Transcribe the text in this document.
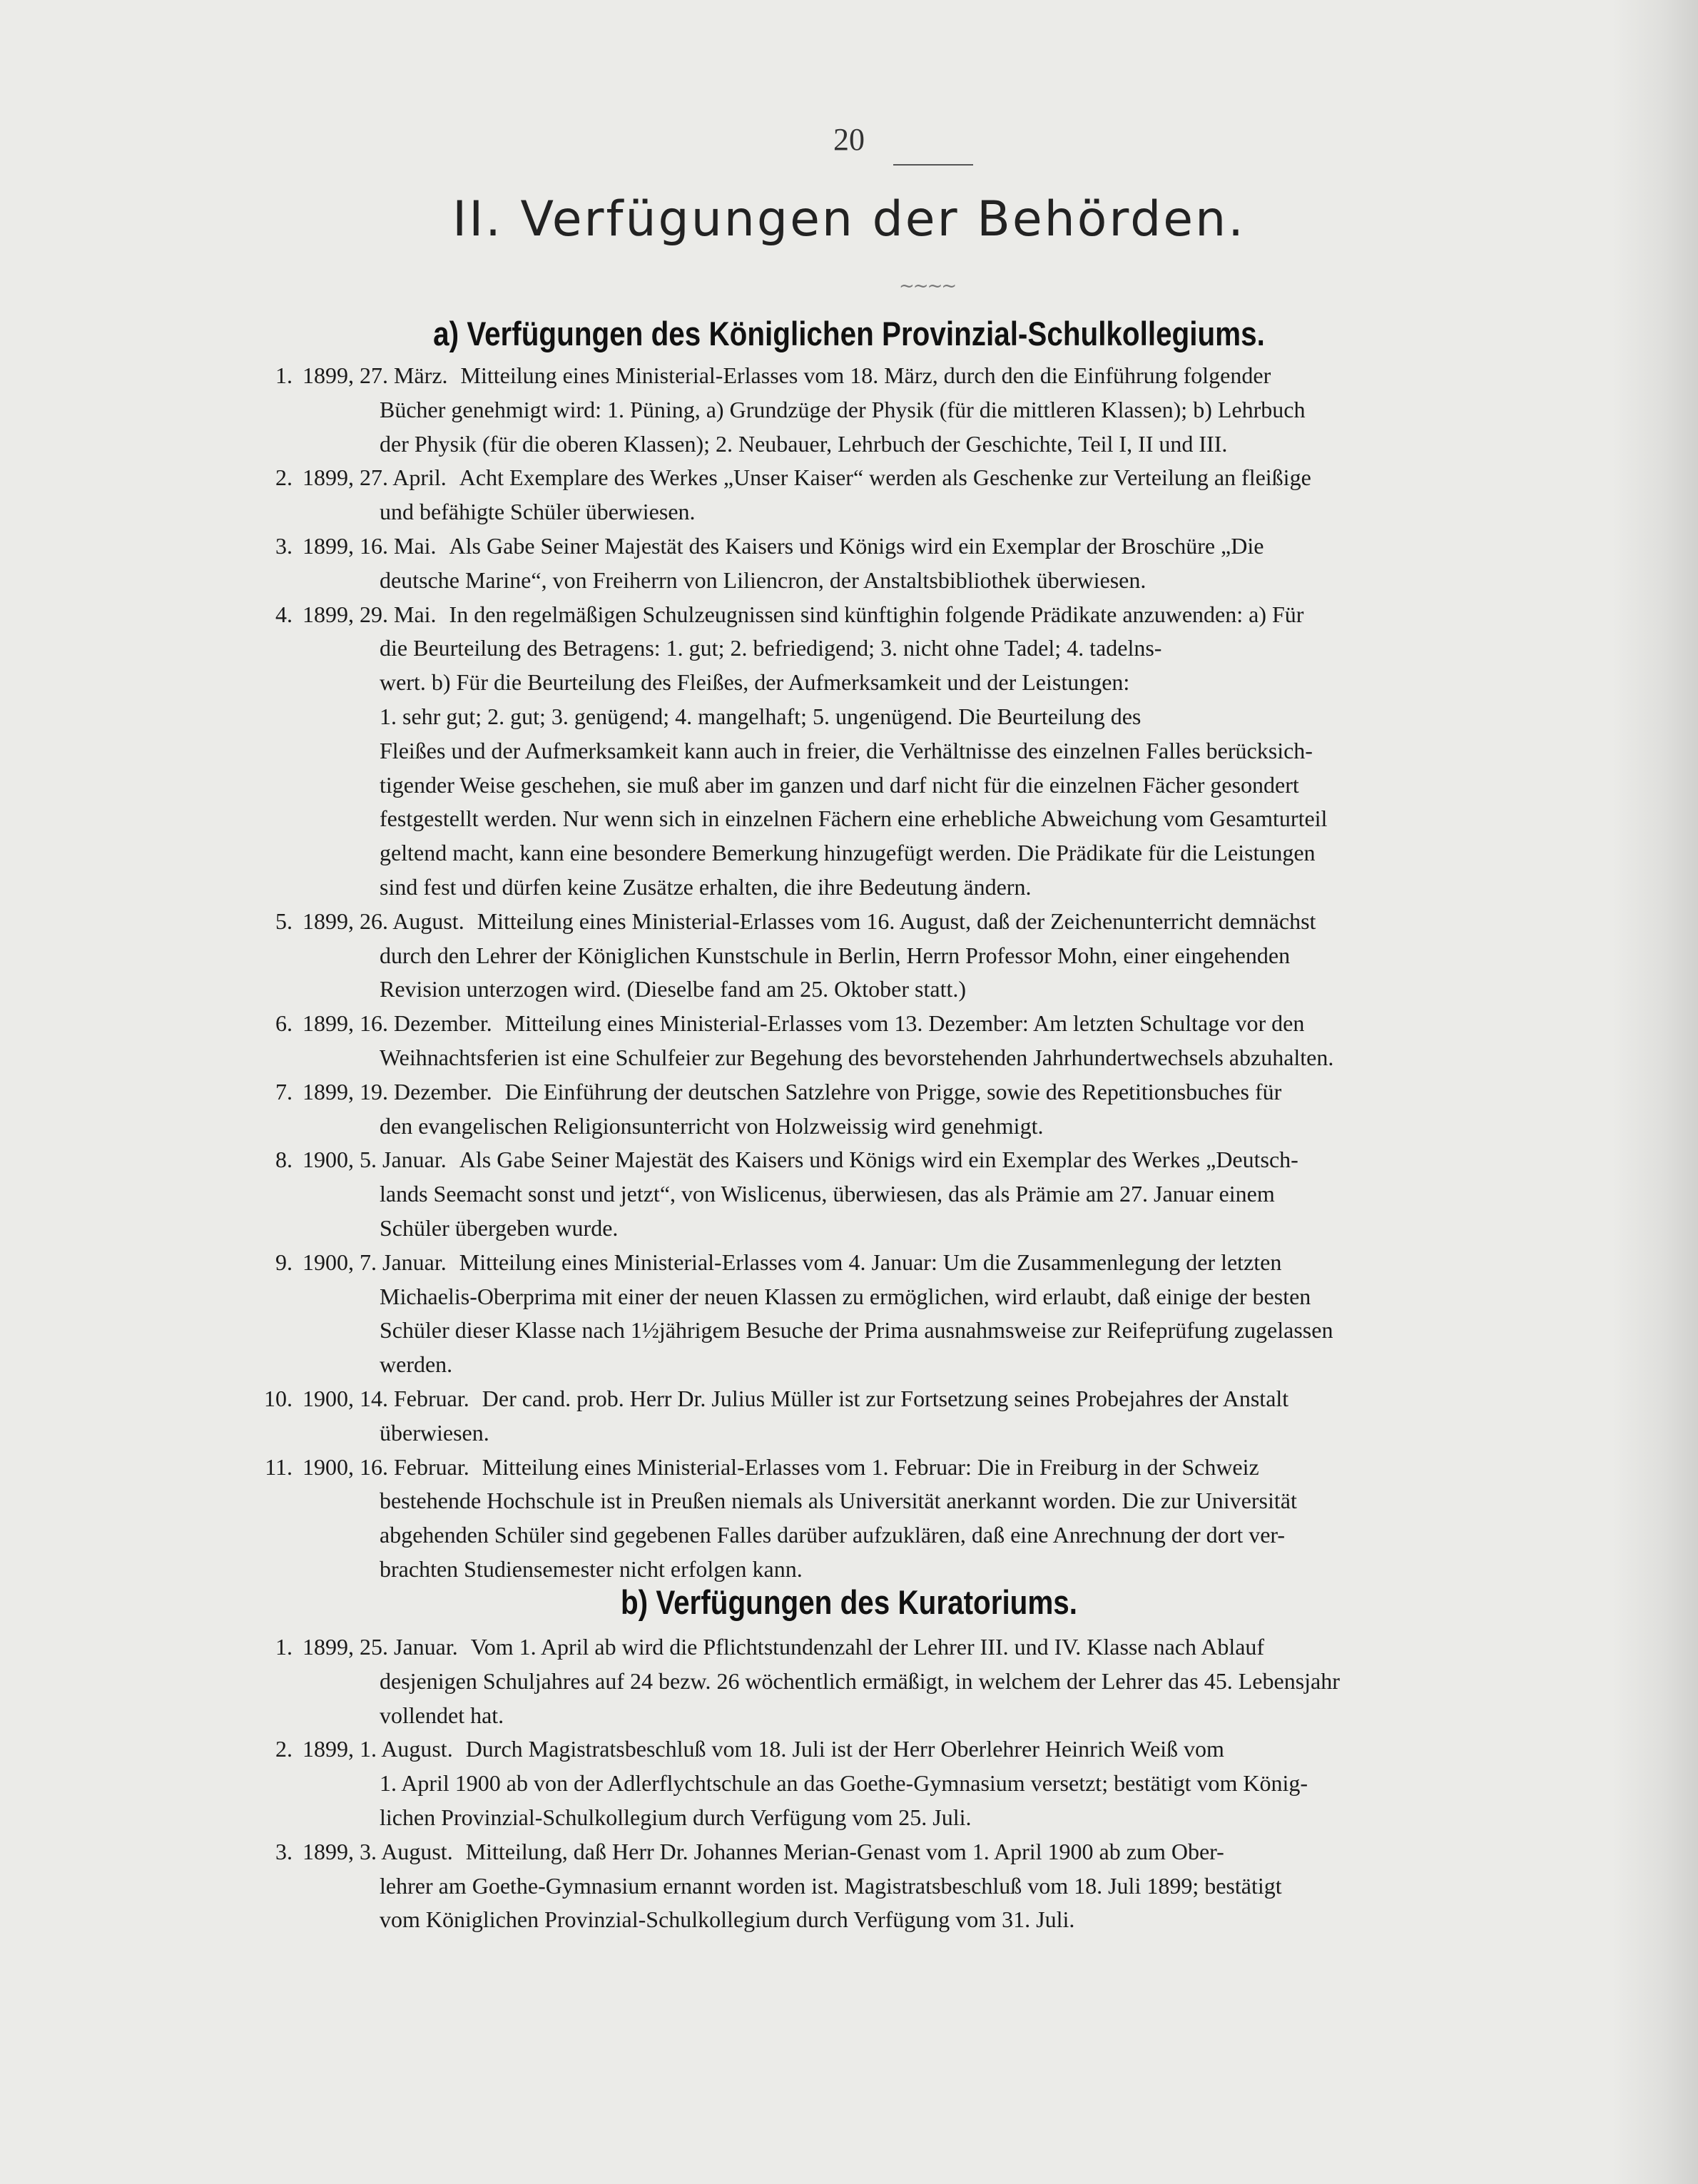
20
II. Verfügungen der Behörden.
~~~~
a) Verfügungen des Königlichen Provinzial-Schulkollegiums.
1. 1899, 27. März. Mitteilung eines Ministerial-Erlasses vom 18. März, durch den die Einführung folgender
Bücher genehmigt wird: 1. Püning, a) Grundzüge der Physik (für die mittleren Klassen); b) Lehrbuch
der Physik (für die oberen Klassen); 2. Neubauer, Lehrbuch der Geschichte, Teil I, II und III.
2. 1899, 27. April. Acht Exemplare des Werkes „Unser Kaiser“ werden als Geschenke zur Verteilung an fleißige
und befähigte Schüler überwiesen.
3. 1899, 16. Mai. Als Gabe Seiner Majestät des Kaisers und Königs wird ein Exemplar der Broschüre „Die
deutsche Marine“, von Freiherrn von Liliencron, der Anstaltsbibliothek überwiesen.
4. 1899, 29. Mai. In den regelmäßigen Schulzeugnissen sind künftighin folgende Prädikate anzuwenden: a) Für
die Beurteilung des Betragens: 1. gut; 2. befriedigend; 3. nicht ohne Tadel; 4. tadelns-
wert. b) Für die Beurteilung des Fleißes, der Aufmerksamkeit und der Leistungen:
1. sehr gut; 2. gut; 3. genügend; 4. mangelhaft; 5. ungenügend. Die Beurteilung des
Fleißes und der Aufmerksamkeit kann auch in freier, die Verhältnisse des einzelnen Falles berücksich-
tigender Weise geschehen, sie muß aber im ganzen und darf nicht für die einzelnen Fächer gesondert
festgestellt werden. Nur wenn sich in einzelnen Fächern eine erhebliche Abweichung vom Gesamturteil
geltend macht, kann eine besondere Bemerkung hinzugefügt werden. Die Prädikate für die Leistungen
sind fest und dürfen keine Zusätze erhalten, die ihre Bedeutung ändern.
5. 1899, 26. August. Mitteilung eines Ministerial-Erlasses vom 16. August, daß der Zeichenunterricht demnächst
durch den Lehrer der Königlichen Kunstschule in Berlin, Herrn Professor Mohn, einer eingehenden
Revision unterzogen wird. (Dieselbe fand am 25. Oktober statt.)
6. 1899, 16. Dezember. Mitteilung eines Ministerial-Erlasses vom 13. Dezember: Am letzten Schultage vor den
Weihnachtsferien ist eine Schulfeier zur Begehung des bevorstehenden Jahrhundertwechsels abzuhalten.
7. 1899, 19. Dezember. Die Einführung der deutschen Satzlehre von Prigge, sowie des Repetitionsbuches für
den evangelischen Religionsunterricht von Holzweissig wird genehmigt.
8. 1900, 5. Januar. Als Gabe Seiner Majestät des Kaisers und Königs wird ein Exemplar des Werkes „Deutsch-
lands Seemacht sonst und jetzt“, von Wislicenus, überwiesen, das als Prämie am 27. Januar einem
Schüler übergeben wurde.
9. 1900, 7. Januar. Mitteilung eines Ministerial-Erlasses vom 4. Januar: Um die Zusammenlegung der letzten
Michaelis-Oberprima mit einer der neuen Klassen zu ermöglichen, wird erlaubt, daß einige der besten
Schüler dieser Klasse nach 1½jährigem Besuche der Prima ausnahmsweise zur Reifeprüfung zugelassen
werden.
10. 1900, 14. Februar. Der cand. prob. Herr Dr. Julius Müller ist zur Fortsetzung seines Probejahres der Anstalt
überwiesen.
11. 1900, 16. Februar. Mitteilung eines Ministerial-Erlasses vom 1. Februar: Die in Freiburg in der Schweiz
bestehende Hochschule ist in Preußen niemals als Universität anerkannt worden. Die zur Universität
abgehenden Schüler sind gegebenen Falles darüber aufzuklären, daß eine Anrechnung der dort ver-
brachten Studiensemester nicht erfolgen kann.
b) Verfügungen des Kuratoriums.
1. 1899, 25. Januar. Vom 1. April ab wird die Pflichtstundenzahl der Lehrer III. und IV. Klasse nach Ablauf
desjenigen Schuljahres auf 24 bezw. 26 wöchentlich ermäßigt, in welchem der Lehrer das 45. Lebensjahr
vollendet hat.
2. 1899, 1. August. Durch Magistratsbeschluß vom 18. Juli ist der Herr Oberlehrer Heinrich Weiß vom
1. April 1900 ab von der Adlerflychtschule an das Goethe-Gymnasium versetzt; bestätigt vom König-
lichen Provinzial-Schulkollegium durch Verfügung vom 25. Juli.
3. 1899, 3. August. Mitteilung, daß Herr Dr. Johannes Merian-Genast vom 1. April 1900 ab zum Ober-
lehrer am Goethe-Gymnasium ernannt worden ist. Magistratsbeschluß vom 18. Juli 1899; bestätigt
vom Königlichen Provinzial-Schulkollegium durch Verfügung vom 31. Juli.
